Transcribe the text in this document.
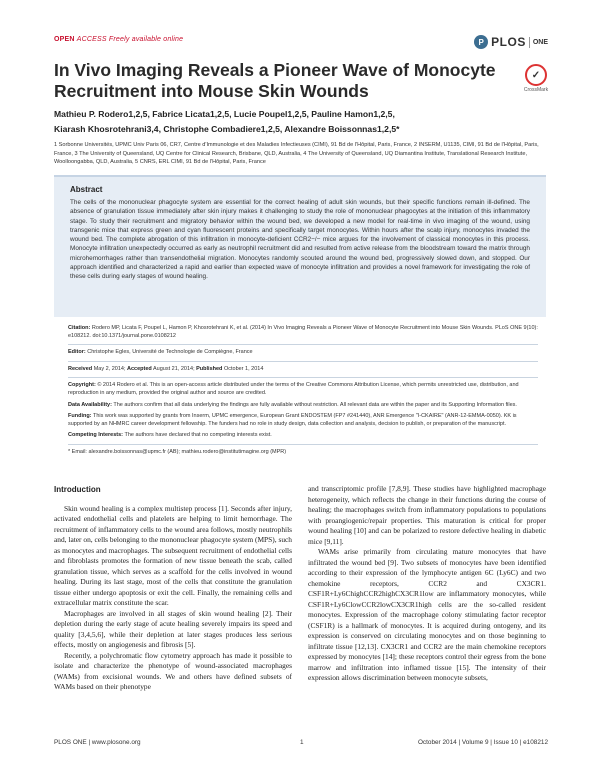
OPEN ACCESS Freely available online	P PLOS ONE
In Vivo Imaging Reveals a Pioneer Wave of Monocyte Recruitment into Mouse Skin Wounds
✓
CrossMark
Mathieu P. Rodero1,2,5, Fabrice Licata1,2,5, Lucie Poupel1,2,5, Pauline Hamon1,2,5,
Kiarash Khosrotehrani3,4, Christophe Combadiere1,2,5, Alexandre Boissonnas1,2,5*
1 Sorbonne Universités, UPMC Univ Paris 06, CR7, Centre d'Immunologie et des Maladies Infectieuses (CIMI), 91 Bd de l'Hôpital, Paris, France, 2 INSERM, U1135, CIMI, 91 Bd de l'Hôpital, Paris, France, 3 The University of Queensland, UQ Centre for Clinical Research, Brisbane, QLD, Australia, 4 The University of Queensland, UQ Diamantina Institute, Translational Research Institute, Woolloongabba, QLD, Australia, 5 CNRS, ERL CIMI, 91 Bd de l'Hôpital, Paris, France
Abstract
The cells of the mononuclear phagocyte system are essential for the correct healing of adult skin wounds, but their specific functions remain ill-defined. The absence of granulation tissue immediately after skin injury makes it challenging to study the role of mononuclear phagocytes at the initiation of this inflammatory stage. To study their recruitment and migratory behavior within the wound bed, we developed a new model for real-time in vivo imaging of the wound, using transgenic mice that express green and cyan fluorescent proteins and specifically target monocytes. Within hours after the scalp injury, monocytes invaded the wound bed. The complete abrogation of this infiltration in monocyte-deficient CCR2−/− mice argues for the involvement of classical monocytes in this process. Monocyte infiltration unexpectedly occurred as early as neutrophil recruitment did and resulted from active release from the bloodstream toward the matrix through microhemorrhages rather than transendothelial migration. Monocytes randomly scouted around the wound bed, progressively slowed down, and stopped. Our approach identified and characterized a rapid and earlier than expected wave of monocyte infiltration and provides a novel framework for investigating the role of these cells during early stages of wound healing.

Citation: Rodero MP, Licata F, Poupel L, Hamon P, Khosrotehrani K, et al. (2014) In Vivo Imaging Reveals a Pioneer Wave of Monocyte Recruitment into Mouse Skin Wounds. PLoS ONE 9(10): e108212. doi:10.1371/journal.pone.0108212

Editor: Christophe Egles, Université de Technologie de Compiègne, France

Received May 2, 2014; Accepted August 21, 2014; Published October 1, 2014

Copyright: © 2014 Rodero et al. This is an open-access article distributed under the terms of the Creative Commons Attribution License, which permits unrestricted use, distribution, and reproduction in any medium, provided the original author and source are credited.

Data Availability: The authors confirm that all data underlying the findings are fully available without restriction. All relevant data are within the paper and its Supporting Information files.

Funding: This work was supported by grants from Inserm, UPMC emergence, European Grant ENDOSTEM (FP7 #241440), ANR Emergence "I-CKAIRE" (ANR-12-EMMA-0050). KK is supported by an NHMRC career development fellowship. The funders had no role in study design, data collection and analysis, decision to publish, or preparation of the manuscript.

Competing Interests: The authors have declared that no competing interests exist.

* Email: alexandre.boissonnas@upmc.fr (AB); mathieu.rodero@institutimagine.org (MPR)

Introduction

Skin wound healing is a complex multistep process [1]. Seconds after injury, activated endothelial cells and platelets are helping to limit hemorrhage. The recruitment of inflammatory cells to the wound area follows, mostly neutrophils and, later on, cells belonging to the mononuclear phagocyte system (MPS), such as monocytes and macrophages. The subsequent recruitment of endothelial cells and fibroblasts promotes the formation of new tissue beneath the scab, called granulation tissue, which serves as a scaffold for the cells involved in wound healing. During its last stage, most of the cells that constitute the granulation tissue either undergo apoptosis or exit the cell. Finally, the remaining cells and extracellular matrix constitute the scar.

Macrophages are involved in all stages of skin wound healing [2]. Their depletion during the early stage of acute healing severely impairs its speed and quality [3,4,5,6], while their depletion at later stages produces less serious effects, mostly on angiogenesis and fibrosis [5].

Recently, a polychromatic flow cytometry approach has made it possible to isolate and characterize the phenotype of wound-associated macrophages (WAMs) from excisional wounds. We and others have defined subsets of WAMs based on their phenotype

and transcriptomic profile [7,8,9]. These studies have highlighted macrophage heterogeneity, which reflects the change in their functions during the course of healing; the macrophages switch from inflammatory populations to populations with proangiogenic/repair properties. This maturation is critical for proper wound healing [10] and can be polarized to restore defective healing in diabetic mice [9,11].

WAMs arise primarily from circulating mature monocytes that have infiltrated the wound bed [9]. Two subsets of monocytes have been identified according to their expression of the lymphocyte antigen 6C (Ly6C) and two chemokine receptors, CCR2 and CX3CR1. CSF1R+Ly6ChighCCR2highCX3CR1low are inflammatory monocytes, while CSF1R+Ly6ClowCCR2lowCX3CR1high cells are the so-called resident monocytes. Expression of the macrophage colony stimulating factor receptor (CSF1R) is a hallmark of monocytes. It is acquired during ontogeny, and its expression is conserved on circulating monocytes and on those beginning to infiltrate tissue [12,13]. CX3CR1 and CCR2 are the main chemokine receptors expressed by monocytes [14]; these receptors control their egress from the bone marrow and infiltration into inflamed tissue [15]. The intensity of their expression allows discrimination between monocyte subsets,

PLOS ONE | www.plosone.org	1	October 2014 | Volume 9 | Issue 10 | e108212
